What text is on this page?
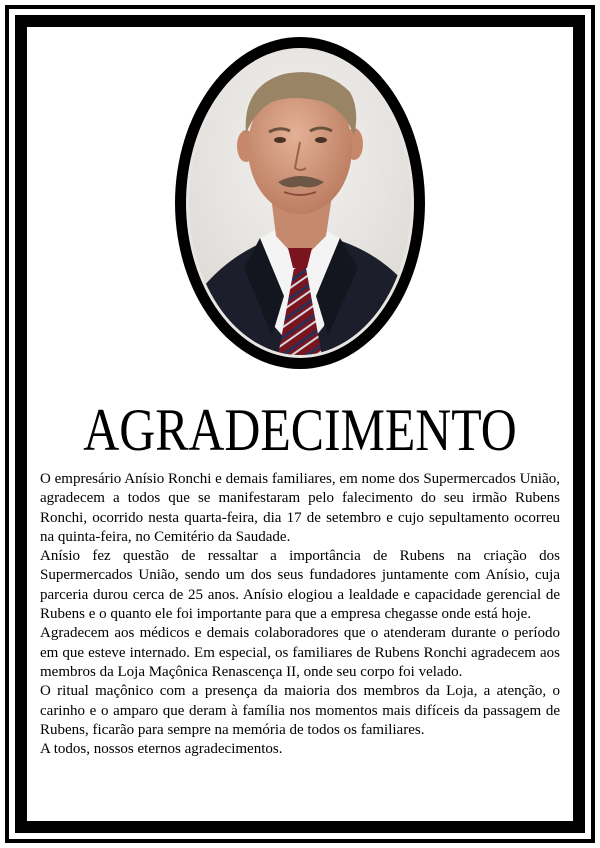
AGRADECIMENTO

O empresário Anísio Ronchi e demais familiares, em nome dos Supermercados União, agradecem a todos que se manifestaram pelo falecimento do seu irmão Rubens Ronchi, ocorrido nesta quarta-feira, dia 17 de setembro e cujo sepultamento ocorreu na quinta-feira, no Cemitério da Saudade.

Anísio fez questão de ressaltar a importância de Rubens na criação dos Supermercados União, sendo um dos seus fundadores juntamente com Anísio, cuja parceria durou cerca de 25 anos. Anísio elogiou a lealdade e capacidade gerencial de Rubens e o quanto ele foi importante para que a empresa chegasse onde está hoje.

Agradecem aos médicos e demais colaboradores que o atenderam durante o período em que esteve internado. Em especial, os familiares de Rubens Ronchi agradecem aos membros da Loja Maçônica Renascença II, onde seu corpo foi velado.

O ritual maçônico com a presença da maioria dos membros da Loja, a atenção, o carinho e o amparo que deram à família nos momentos mais difíceis da passagem de Rubens, ficarão para sempre na memória de todos os familiares.

A todos, nossos eternos agradecimentos.
